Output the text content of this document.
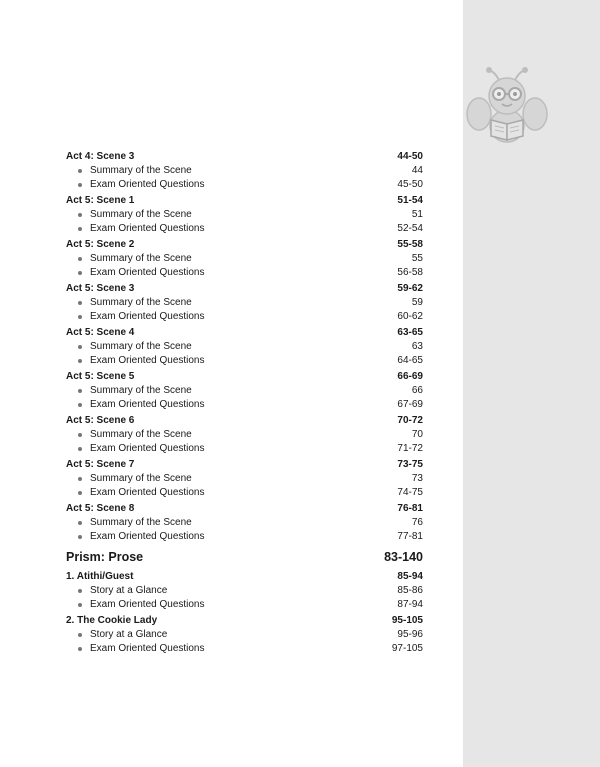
Act 4: Scene 3	44-50
Summary of the Scene	44
Exam Oriented Questions	45-50
Act 5: Scene 1	51-54
Summary of the Scene	51
Exam Oriented Questions	52-54
Act 5: Scene 2	55-58
Summary of the Scene	55
Exam Oriented Questions	56-58
Act 5: Scene 3	59-62
Summary of the Scene	59
Exam Oriented Questions	60-62
Act 5: Scene 4	63-65
Summary of the Scene	63
Exam Oriented Questions	64-65
Act 5: Scene 5	66-69
Summary of the Scene	66
Exam Oriented Questions	67-69
Act 5: Scene 6	70-72
Summary of the Scene	70
Exam Oriented Questions	71-72
Act 5: Scene 7	73-75
Summary of the Scene	73
Exam Oriented Questions	74-75
Act 5: Scene 8	76-81
Summary of the Scene	76
Exam Oriented Questions	77-81
Prism: Prose	83-140
1. Atithi/Guest	85-94
Story at a Glance	85-86
Exam Oriented Questions	87-94
2. The Cookie Lady	95-105
Story at a Glance	95-96
Exam Oriented Questions	97-105
